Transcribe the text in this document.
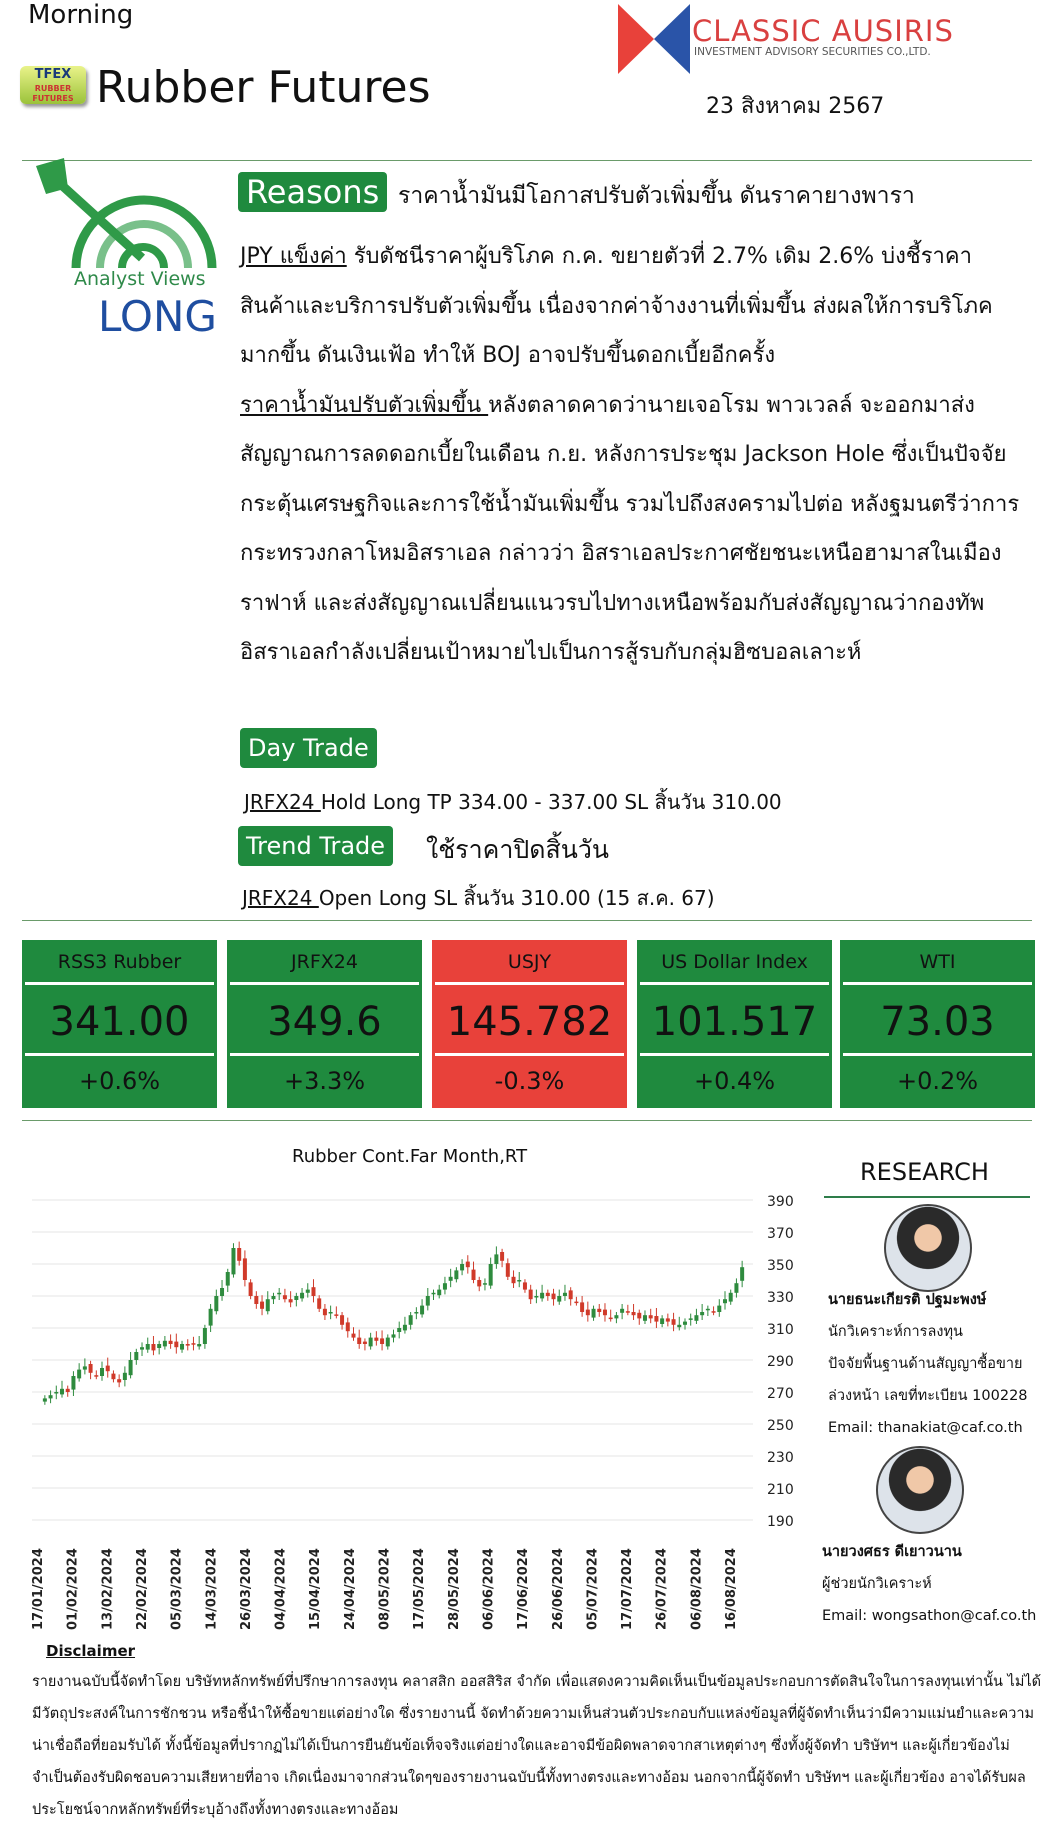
Morning
TFEX
RUBBER FUTURES Rubber Futures
CLASSIC AUSIRIS
INVESTMENT ADVISORY SECURITIES CO.,LTD.
23 สิงหาคม 2567
Analyst Views
LONG
Reasons ราคาน้ำมันมีโอกาสปรับตัวเพิ่มขึ้น ดันราคายางพารา

JPY แข็งค่า รับดัชนีราคาผู้บริโภค ก.ค. ขยายตัวที่ 2.7% เดิม 2.6% บ่งชี้ราคาสินค้าและบริการปรับตัวเพิ่มขึ้น เนื่องจากค่าจ้างงานที่เพิ่มขึ้น ส่งผลให้การบริโภคมากขึ้น ดันเงินเฟ้อ ทำให้ BOJ อาจปรับขึ้นดอกเบี้ยอีกครั้ง

ราคาน้ำมันปรับตัวเพิ่มขึ้น หลังตลาดคาดว่านายเจอโรม พาวเวลล์ จะออกมาส่งสัญญาณการลดดอกเบี้ยในเดือน ก.ย. หลังการประชุม Jackson Hole ซึ่งเป็นปัจจัยกระตุ้นเศรษฐกิจและการใช้น้ำมันเพิ่มขึ้น รวมไปถึงสงครามไปต่อ หลังฐมนตรีว่าการกระทรวงกลาโหมอิสราเอล กล่าวว่า อิสราเอลประกาศชัยชนะเหนือฮามาสในเมืองราฟาห์ และส่งสัญญาณเปลี่ยนแนวรบไปทางเหนือพร้อมกับส่งสัญญาณว่ากองทัพอิสราเอลกำลังเปลี่ยนเป้าหมายไปเป็นการสู้รบกับกลุ่มฮิซบอลเลาะห์

Day Trade
JRFX24 Hold Long TP 334.00 - 337.00 SL สิ้นวัน 310.00
Trend Trade	ใช้ราคาปิดสิ้นวัน
JRFX24 Open Long SL สิ้นวัน 310.00 (15 ส.ค. 67)
RSS3 Rubber
341.00
+0.6%
JRFX24
349.6
+3.3%
USJY
145.782
-0.3%
US Dollar Index
101.517
+0.4%
WTI
73.03
+0.2%
Rubber Cont.Far Month,RT
390
370
350
330
310
290
270
250
230
210
190
17/01/2024 01/02/2024 13/02/2024 22/02/2024 05/03/2024 14/03/2024 26/03/2024 04/04/2024 15/04/2024 24/04/2024 08/05/2024 17/05/2024 28/05/2024 06/06/2024 17/06/2024 26/06/2024 05/07/2024 17/07/2024 26/07/2024 06/08/2024 16/08/2024
RESEARCH
นายธนะเกียรติ ปฐมะพงษ์
นักวิเคราะห์การลงทุน
ปัจจัยพื้นฐานด้านสัญญาซื้อขาย
ล่วงหน้า เลขที่ทะเบียน 100228
Email: thanakiat@caf.co.th
นายวงศธร ดีเยาวนาน
ผู้ช่วยนักวิเคราะห์
Email: wongsathon@caf.co.th
Disclaimer
รายงานฉบับนี้จัดทำโดย บริษัทหลักทรัพย์ที่ปรึกษาการลงทุน คลาสสิก ออสสิริส จำกัด เพื่อแสดงความคิดเห็นเป็นข้อมูลประกอบการตัดสินใจในการลงทุนเท่านั้น ไม่ได้มีวัตถุประสงค์ในการชักชวน หรือชี้นำให้ซื้อขายแต่อย่างใด ซึ่งรายงานนี้ จัดทำด้วยความเห็นส่วนตัวประกอบกับแหล่งข้อมูลที่ผู้จัดทำเห็นว่ามีความแม่นยำและความน่าเชื่อถือที่ยอมรับได้ ทั้งนี้ข้อมูลที่ปรากฏไม่ได้เป็นการยืนยันข้อเท็จจริงแต่อย่างใดและอาจมีข้อผิดพลาดจากสาเหตุต่างๆ ซึ่งทั้งผู้จัดทำ บริษัทฯ และผู้เกี่ยวข้องไม่จำเป็นต้องรับผิดชอบความเสียหายที่อาจ เกิดเนื่องมาจากส่วนใดๆของรายงานฉบับนี้ทั้งทางตรงและทางอ้อม นอกจากนี้ผู้จัดทำ บริษัทฯ และผู้เกี่ยวข้อง อาจได้รับผลประโยชน์จากหลักทรัพย์ที่ระบุอ้างถึงทั้งทางตรงและทางอ้อม
